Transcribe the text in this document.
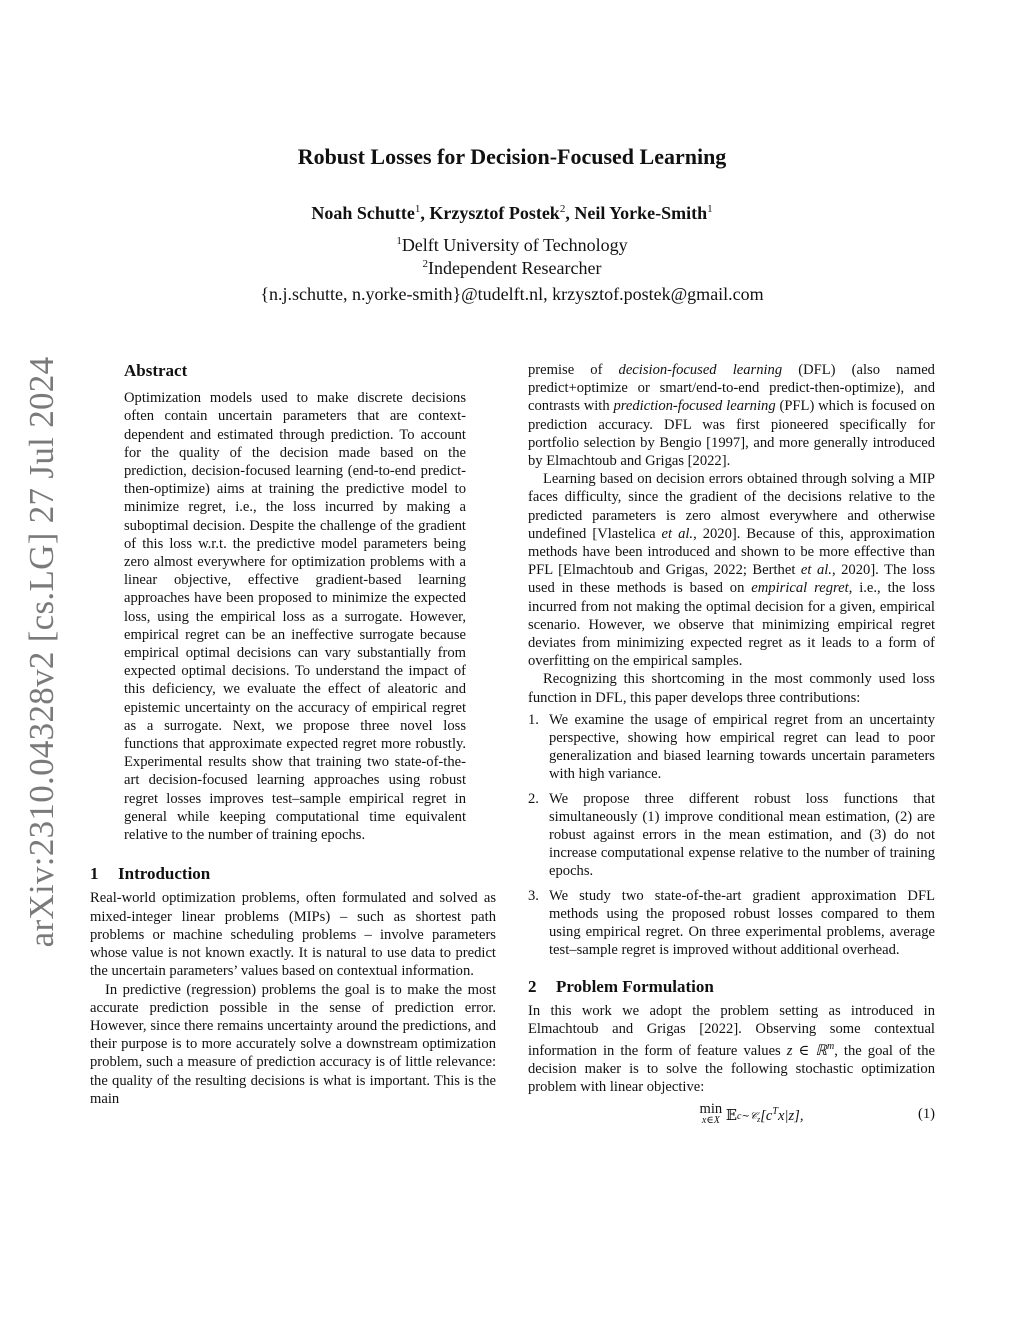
arXiv:2310.04328v2 [cs.LG] 27 Jul 2024
Robust Losses for Decision-Focused Learning
Noah Schutte$^1$, Krzysztof Postek$^2$, Neil Yorke-Smith$^1$
$^1$Delft University of Technology
$^2$Independent Researcher
{n.j.schutte, n.yorke-smith}@tudelft.nl, krzysztof.postek@gmail.com

Abstract

Optimization models used to make discrete decisions often contain uncertain parameters that are context-dependent and estimated through prediction. To account for the quality of the decision made based on the prediction, decision-focused learning (end-to-end predict-then-optimize) aims at training the predictive model to minimize regret, i.e., the loss incurred by making a suboptimal decision. Despite the challenge of the gradient of this loss w.r.t. the predictive model parameters being zero almost everywhere for optimization problems with a linear objective, effective gradient-based learning approaches have been proposed to minimize the expected loss, using the empirical loss as a surrogate. However, empirical regret can be an ineffective surrogate because empirical optimal decisions can vary substantially from expected optimal decisions. To understand the impact of this deficiency, we evaluate the effect of aleatoric and epistemic uncertainty on the accuracy of empirical regret as a surrogate. Next, we propose three novel loss functions that approximate expected regret more robustly. Experimental results show that training two state-of-the-art decision-focused learning approaches using robust regret losses improves test–sample empirical regret in general while keeping computational time equivalent relative to the number of training epochs.

1 Introduction

Real-world optimization problems, often formulated and solved as mixed-integer linear problems (MIPs) – such as shortest path problems or machine scheduling problems – involve parameters whose value is not known exactly. It is natural to use data to predict the uncertain parameters’ values based on contextual information.

In predictive (regression) problems the goal is to make the most accurate prediction possible in the sense of prediction error. However, since there remains uncertainty around the predictions, and their purpose is to more accurately solve a downstream optimization problem, such a measure of prediction accuracy is of little relevance: the quality of the resulting decisions is what is important. This is the main

premise of decision-focused learning (DFL) (also named predict+optimize or smart/end-to-end predict-then-optimize), and contrasts with prediction-focused learning (PFL) which is focused on prediction accuracy. DFL was first pioneered specifically for portfolio selection by Bengio [1997], and more generally introduced by Elmachtoub and Grigas [2022].

Learning based on decision errors obtained through solving a MIP faces difficulty, since the gradient of the decisions relative to the predicted parameters is zero almost everywhere and otherwise undefined [Vlastelica et al., 2020]. Because of this, approximation methods have been introduced and shown to be more effective than PFL [Elmachtoub and Grigas, 2022; Berthet et al., 2020]. The loss used in these methods is based on empirical regret, i.e., the loss incurred from not making the optimal decision for a given, empirical scenario. However, we observe that minimizing empirical regret deviates from minimizing expected regret as it leads to a form of overfitting on the empirical samples.

Recognizing this shortcoming in the most commonly used loss function in DFL, this paper develops three contributions:

1. We examine the usage of empirical regret from an uncertainty perspective, showing how empirical regret can lead to poor generalization and biased learning towards uncertain parameters with high variance.
2. We propose three different robust loss functions that simultaneously (1) improve conditional mean estimation, (2) are robust against errors in the mean estimation, and (3) do not increase computational expense relative to the number of training epochs.
3. We study two state-of-the-art gradient approximation DFL methods using the proposed robust losses compared to them using empirical regret. On three experimental problems, average test–sample regret is improved without additional overhead.

2 Problem Formulation

In this work we adopt the problem setting as introduced in Elmachtoub and Grigas [2022]. Observing some contextual information in the form of feature values z ∈ ℝ$^m$, the goal of the decision maker is to solve the following stochastic optimization problem with linear objective:

min
x∈X $𝔼c\sim 𝒞_z[c^Tx|z]$,	(1)
